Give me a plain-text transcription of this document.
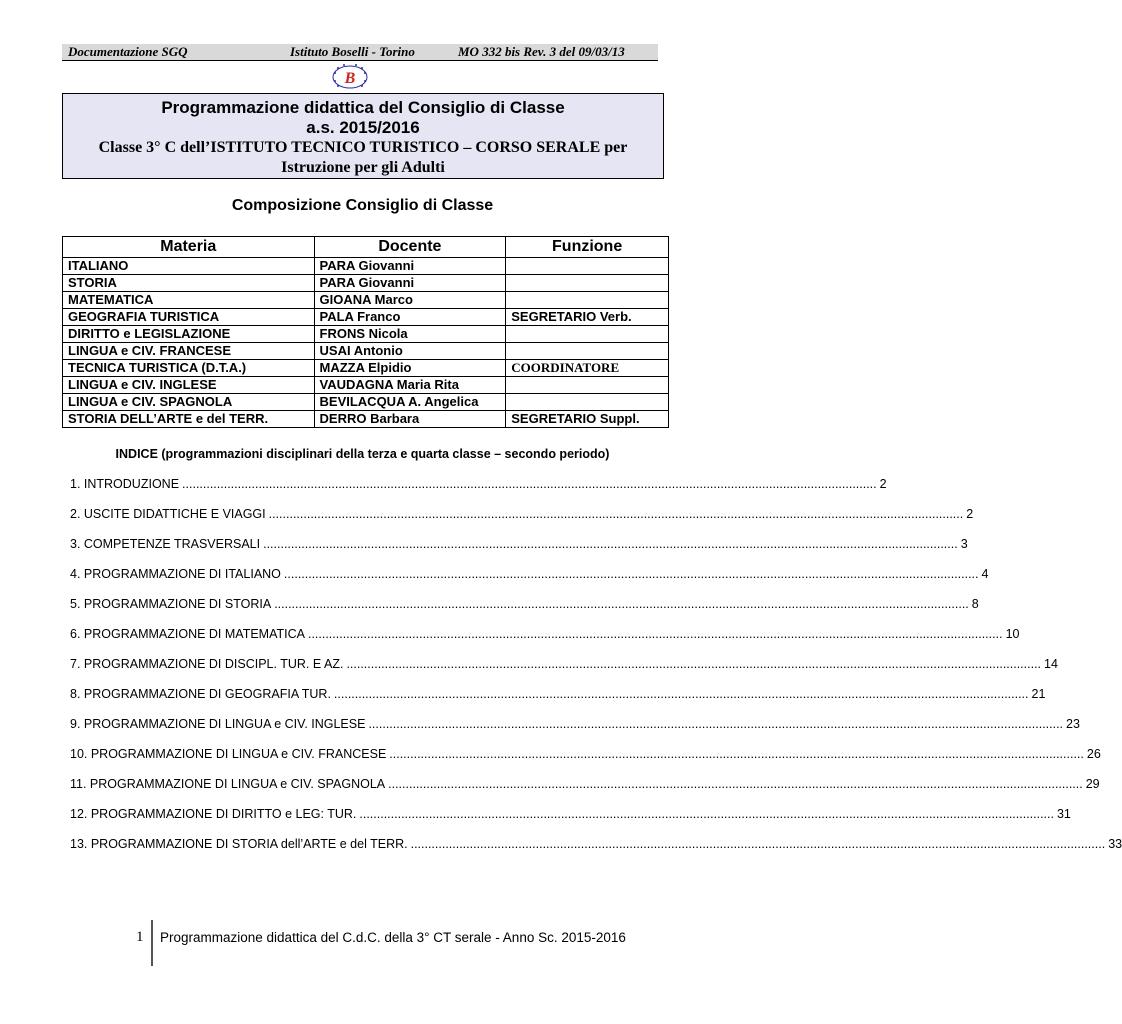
Documentazione SGQ	Istituto Boselli - Torino	MO 332 bis Rev. 3 del 09/03/13
B
Programmazione didattica del Consiglio di Classe
a.s. 2015/2016
Classe 3° C dell’ISTITUTO TECNICO TURISTICO – CORSO SERALE per
Istruzione per gli Adulti
Composizione Consiglio di Classe
Materia	Docente	Funzione
ITALIANO	PARA Giovanni	
STORIA	PARA Giovanni	
MATEMATICA	GIOANA Marco	
GEOGRAFIA TURISTICA	PALA Franco	SEGRETARIO Verb.
DIRITTO e LEGISLAZIONE	FRONS Nicola	
LINGUA e CIV. FRANCESE	USAI Antonio	
TECNICA TURISTICA (D.T.A.)	MAZZA Elpidio	COORDINATORE
LINGUA e CIV. INGLESE	VAUDAGNA Maria Rita	
LINGUA e CIV. SPAGNOLA	BEVILACQUA A. Angelica	
STORIA DELL’ARTE e del TERR.	DERRO Barbara	SEGRETARIO Suppl.
INDICE (programmazioni disciplinari della terza e quarta classe – secondo periodo)
1. INTRODUZIONE ........................................................................................................................................................................................................ 2
2. USCITE DIDATTICHE E VIAGGI ........................................................................................................................................................................................................ 2
3. COMPETENZE TRASVERSALI ........................................................................................................................................................................................................ 3
4. PROGRAMMAZIONE DI ITALIANO ........................................................................................................................................................................................................ 4
5. PROGRAMMAZIONE DI STORIA ........................................................................................................................................................................................................ 8
6. PROGRAMMAZIONE DI MATEMATICA ........................................................................................................................................................................................................ 10
7. PROGRAMMAZIONE DI DISCIPL. TUR. E AZ. ........................................................................................................................................................................................................ 14
8. PROGRAMMAZIONE DI GEOGRAFIA TUR. ........................................................................................................................................................................................................ 21
9. PROGRAMMAZIONE DI LINGUA e CIV. INGLESE ........................................................................................................................................................................................................ 23
10. PROGRAMMAZIONE DI LINGUA e CIV. FRANCESE ........................................................................................................................................................................................................ 26
11. PROGRAMMAZIONE DI LINGUA e CIV. SPAGNOLA ........................................................................................................................................................................................................ 29
12. PROGRAMMAZIONE DI DIRITTO e LEG: TUR. ........................................................................................................................................................................................................ 31
13. PROGRAMMAZIONE DI STORIA dell’ARTE e del TERR. ........................................................................................................................................................................................................ 33
1 Programmazione didattica del C.d.C. della 3° CT serale - Anno Sc. 2015-2016
